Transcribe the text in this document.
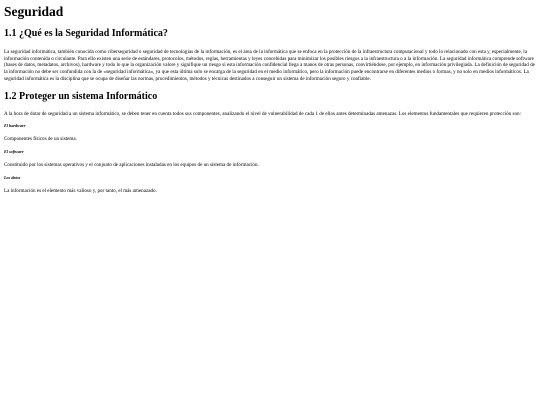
Seguridad
1.1 ¿Qué es la Seguridad Informática?

La seguridad informática, también conocida como ciberseguridad o seguridad de tecnologías de la información, es el área de la informática que se enfoca en la protección de la infraestructura computacional y todo lo relacionado con esta y, especialmente, la información contenida o circulante. Para ello existen una serie de estándares, protocolos, métodos, reglas, herramientas y leyes concebidas para minimizar los posibles riesgos a la infraestructura o a la información. La seguridad informática comprende software (bases de datos, metadatos, archivos), hardware y todo lo que la organización valore y signifique un riesgo si esta información confidencial llega a manos de otras personas, convirtiéndose, por ejemplo, en información privilegiada. La definición de seguridad de la información no debe ser confundida con la de «seguridad informática», ya que esta última solo se encarga de la seguridad en el medio informático, pero la información puede encontrarse en diferentes medios o formas, y no solo en medios informáticos. La seguridad informática es la disciplina que se ocupa de diseñar las normas, procedimientos, métodos y técnicas destinados a conseguir un sistema de información seguro y confiable.

1.2 Proteger un sistema Informático

A la hora de dotar de seguridad a un sistema informático, se deben tener en cuenta todos sus componentes, analizando el nivel de vulnerabilidad de cada 1 de ellos antes determinadas amenazas. Los elementos fundamentales que requieren protección son:

El hardware

Componentes físicos de un sistema.

El software

Constituido por los sistemas operativos y el conjunto de aplicaciones instaladas en los equipos de un sistema de información.

Los datos

La información es el elemento más valioso y, por tanto, el más amenazado.
